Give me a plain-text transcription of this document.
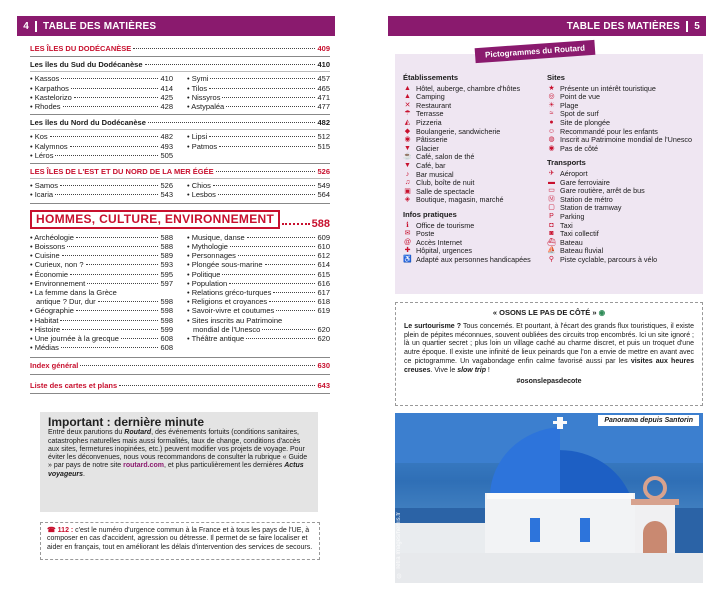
4	TABLE DES MATIÈRES	TABLE DES MATIÈRES	5
LES ÎLES DU DODÉCANÈSE	409
Les îles du Sud du Dodécanèse	410
• Kassos	410
• Karpathos	414
• Kastelorizo	425
• Rhodes	428
• Symi	457
• Tilos	465
• Nissyros	471
• Astypaléa	477
Les îles du Nord du Dodécanèse	482
• Kos	482
• Kalymnos	493
• Léros	505
• Lipsi	512
• Patmos	515
LES ÎLES DE L'EST ET DU NORD DE LA MER ÉGÉE	526
• Samos	526
• Icaria	543
• Chios	549
• Lesbos	564
HOMMES, CULTURE, ENVIRONNEMENT	588
• Archéologie	588
• Boissons	588
• Cuisine	589
• Curieux, non ?	593
• Économie	595
• Environnement	597
• La femme dans la Grèce
antique ? Dur, dur	598
• Géographie	598
• Habitat	598
• Histoire	599
• Une journée à la grecque	608
• Médias	608
• Musique, danse	609
• Mythologie	610
• Personnages	612
• Plongée sous-marine	614
• Politique	615
• Population	616
• Relations gréco-turques	617
• Religions et croyances	618
• Savoir-vivre et coutumes	619
• Sites inscrits au Patrimoine
mondial de l'Unesco	620
• Théâtre antique	620
Index général	630
Liste des cartes et plans	643
Important : dernière minute
Entre deux parutions du Routard, des événements fortuits (conditions sanitaires, catastrophes naturelles mais aussi formalités, taux de change, conditions d'accès aux sites, fermetures inopinées, etc.) peuvent modifier vos projets de voyage. Pour éviter les déconvenues, nous vous recommandons de consulter la rubrique « Guide » par pays de notre site routard.com, et plus particulièrement les dernières Actus voyageurs.
☎ 112 : c'est le numéro d'urgence commun à la France et à tous les pays de l'UE, à composer en cas d'accident, agression ou détresse. Il permet de se faire localiser et aider en français, tout en améliorant les délais d'intervention des services de secours.
Pictogrammes du Routard
Établissements
▲ Hôtel, auberge, chambre d'hôtes
▲ Camping
✕ Restaurant
☂ Terrasse
◭ Pizzeria
◆ Boulangerie, sandwicherie
◉ Pâtisserie
▼ Glacier
☕ Café, salon de thé
▼ Café, bar
♪ Bar musical
♫ Club, boîte de nuit
▣ Salle de spectacle
◈ Boutique, magasin, marché
Infos pratiques
ℹ Office de tourisme
✉ Poste
@ Accès Internet
✚ Hôpital, urgences
♿ Adapté aux personnes handicapées
Sites
★ Présente un intérêt touristique
◎ Point de vue
☀ Plage
≈ Spot de surf
● Site de plongée
☺ Recommandé pour les enfants
◍ Inscrit au Patrimoine mondial de l'Unesco
◉ Pas de côté
Transports
✈ Aéroport
▬ Gare ferroviaire
▭ Gare routière, arrêt de bus
Ⓜ Station de métro
▢ Station de tramway
P Parking
◘ Taxi
◙ Taxi collectif
⛴ Bateau
⛵ Bateau fluvial
⚲ Piste cyclable, parcours à vélo
« OSONS LE PAS DE CÔTÉ » ◉
Le surtourisme ? Tous concernés. Et pourtant, à l'écart des grands flux touristiques, il existe plein de pépites méconnues, souvent oubliées des circuits trop encombrés. Ici un site ignoré ; là un quartier secret ; plus loin un village caché au charme discret, et puis un troquet d'une autre époque. Il existe une infinité de lieux peinards que l'on a envie de mettre en avant avec ce pictogramme. Un vagabondage enfin calme favorisé aussi par les visites aux heures creuses. Vive le slow trip !
#osonslepasdecote
Panorama depuis Santorin
© Tetra Images/hemis.fr
